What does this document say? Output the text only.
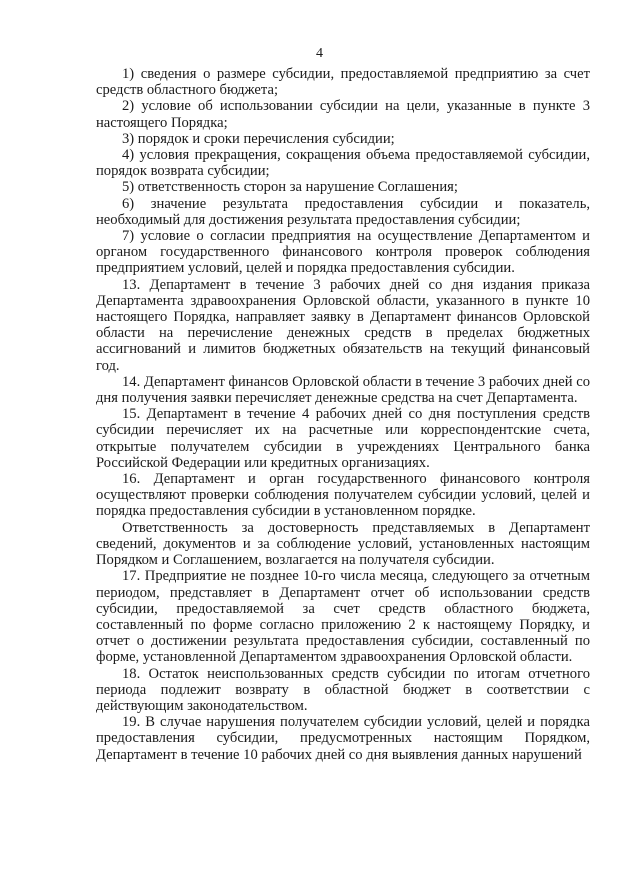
4

1) сведения о размере субсидии, предоставляемой предприятию за счет средств областного бюджета;

2) условие об использовании субсидии на цели, указанные в пункте 3 настоящего Порядка;

3) порядок и сроки перечисления субсидии;

4) условия прекращения, сокращения объема предоставляемой субсидии, порядок возврата субсидии;

5) ответственность сторон за нарушение Соглашения;

6) значение результата предоставления субсидии и показатель, необходимый для достижения результата предоставления субсидии;

7) условие о согласии предприятия на осуществление Департаментом и органом государственного финансового контроля проверок соблюдения предприятием условий, целей и порядка предоставления субсидии.

13. Департамент в течение 3 рабочих дней со дня издания приказа Департамента здравоохранения Орловской области, указанного в пункте 10 настоящего Порядка, направляет заявку в Департамент финансов Орловской области на перечисление денежных средств в пределах бюджетных ассигнований и лимитов бюджетных обязательств на текущий финансовый год.

14. Департамент финансов Орловской области в течение 3 рабочих дней со дня получения заявки перечисляет денежные средства на счет Департамента.

15. Департамент в течение 4 рабочих дней со дня поступления средств субсидии перечисляет их на расчетные или корреспондентские счета, открытые получателем субсидии в учреждениях Центрального банка Российской Федерации или кредитных организациях.

16. Департамент и орган государственного финансового контроля осуществляют проверки соблюдения получателем субсидии условий, целей и порядка предоставления субсидии в установленном порядке.

Ответственность за достоверность представляемых в Департамент сведений, документов и за соблюдение условий, установленных настоящим Порядком и Соглашением, возлагается на получателя субсидии.

17. Предприятие не позднее 10-го числа месяца, следующего за отчетным периодом, представляет в Департамент отчет об использовании средств субсидии, предоставляемой за счет средств областного бюджета, составленный по форме согласно приложению 2 к настоящему Порядку, и отчет о достижении результата предоставления субсидии, составленный по форме, установленной Департаментом здравоохранения Орловской области.

18. Остаток неиспользованных средств субсидии по итогам отчетного периода подлежит возврату в областной бюджет в соответствии с действующим законодательством.

19. В случае нарушения получателем субсидии условий, целей и порядка предоставления субсидии, предусмотренных настоящим Порядком, Департамент в течение 10 рабочих дней со дня выявления данных нарушений
